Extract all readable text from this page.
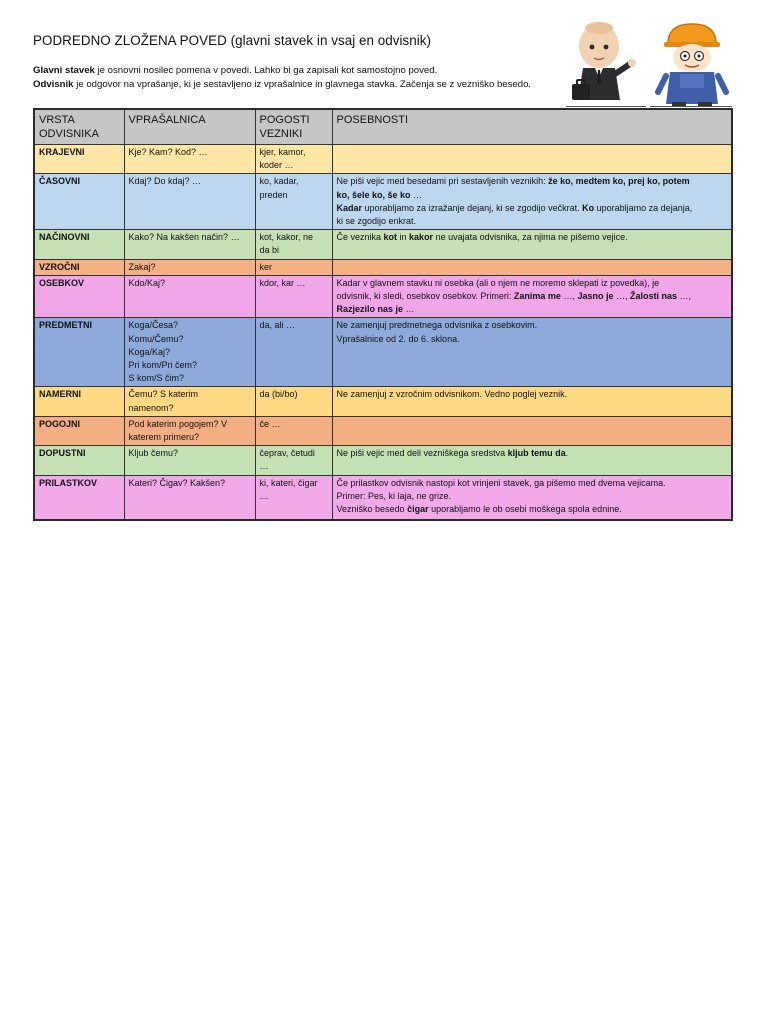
PODREDNO ZLOŽENA POVED (glavni stavek in vsaj en odvisnik)
Glavni stavek je osnovni nosilec pomena v povedi. Lahko bi ga zapisali kot samostojno poved.
Odvisnik je odgovor na vprašanje, ki je sestavljeno iz vprašalnice in glavnega stavka. Začenja se z vezniško besedo.
VRSTA
ODVISNIKA	VPRAŠALNICA	POGOSTI
VEZNIKI	POSEBNOSTI
KRAJEVNI	Kje? Kam? Kod? …	kjer, kamor,
koder …	

ČASOVNI	Kdaj? Do kdaj? …	ko, kadar,
preden	Ne piši vejic med besedami pri sestavljenih veznikih: že ko, medtem ko, prej ko, potem
ko, šele ko, še ko …
Kadar uporabljamo za izražanje dejanj, ki se zgodijo večkrat. Ko uporabljamo za dejanja,
ki se zgodijo enkrat.

NAČINOVNI	Kako? Na kakšen način? …	kot, kakor, ne
da bi	Če veznika kot in kakor ne uvajata odvisnika, za njima ne pišemo vejice.

VZROČNI	Zakaj?	ker	

OSEBKOV	Kdo/Kaj?	kdor, kar …	Kadar v glavnem stavku ni osebka (ali o njem ne moremo sklepati iz povedka), je
odvisnik, ki sledi, osebkov osebkov. Primeri: Zanima me …, Jasno je …, Žalosti nas …,
Razjezilo nas je …

PREDMETNI	Koga/Česa?
Komu/Čemu?
Koga/Kaj?
Pri kom/Pri čem?
S kom/S čim?	da, ali …	Ne zamenjuj predmetnega odvisnika z osebkovim.
Vprašalnice od 2. do 6. sklona.

NAMERNI	Čemu? S katerim
namenom?	da (bi/bo)	Ne zamenjuj z vzročnim odvisnikom. Vedno poglej veznik.

POGOJNI	Pod katerim pogojem? V
katerem primeru?	če …	

DOPUSTNI	Kljub čemu?	čeprav, četudi
…	Ne piši vejic med deli vezniškega sredstva kljub temu da.

PRILASTKOV	Kateri? Čigav? Kakšen?	ki, kateri, čigar
…	Če prilastkov odvisnik nastopi kot vrinjeni stavek, ga pišemo med dvema vejicama.
Primer: Pes, ki laja, ne grize.
Vezniško besedo čigar uporabljamo le ob osebi moškega spola ednine.
